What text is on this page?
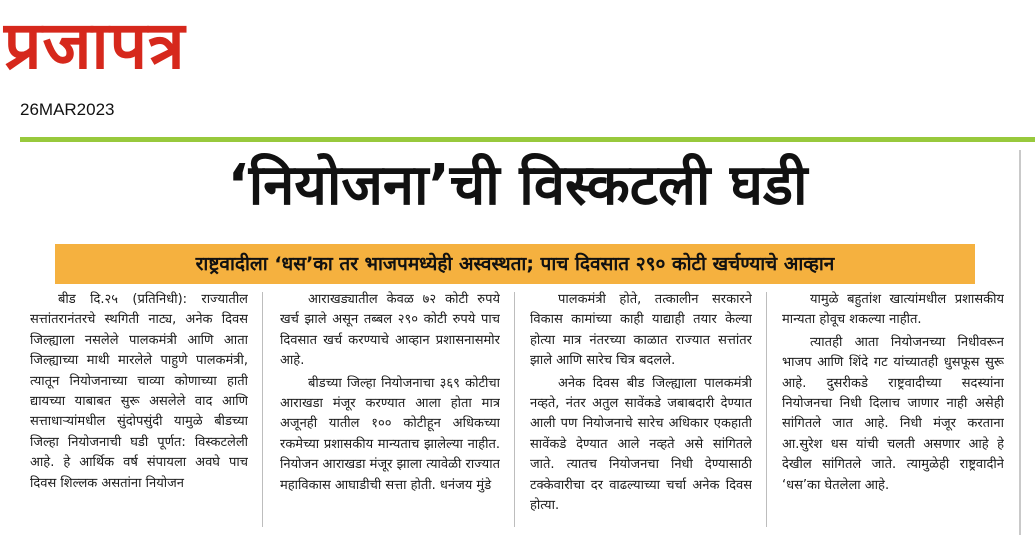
प्रजापत्र
26MAR2023
‘नियोजना’ची विस्कटली घडी
राष्ट्रवादीला ‘धस’का तर भाजपमध्येही अस्वस्थता; पाच दिवसात २९० कोटी खर्चण्याचे आव्हान

बीड दि.२५ (प्रतिनिधी): राज्यातील सत्तांतरानंतरचे स्थगिती नाट्य, अनेक दिवस जिल्ह्याला नसलेले पालकमंत्री आणि आता जिल्ह्याच्या माथी मारलेले पाहुणे पालकमंत्री, त्यातून नियोजनाच्या चाव्या कोणाच्या हाती द्यायच्या याबाबत सुरू असलेले वाद आणि सत्ताधाऱ्यांमधील सुंदोपसुंदी यामुळे बीडच्या जिल्हा नियोजनाची घडी पूर्णत: विस्कटलेली आहे. हे आर्थिक वर्ष संपायला अवघे पाच दिवस शिल्लक असतांना नियोजन

आराखड्यातील केवळ ७२ कोटी रुपये खर्च झाले असून तब्बल २९० कोटी रुपये पाच दिवसात खर्च करण्याचे आव्हान प्रशासनासमोर आहे.

बीडच्या जिल्हा नियोजनाचा ३६९ कोटीचा आराखडा मंजूर करण्यात आला होता मात्र अजूनही यातील १०० कोटीहून अधिकच्या रकमेच्या प्रशासकीय मान्यताच झालेल्या नाहीत. नियोजन आराखडा मंजूर झाला त्यावेळी राज्यात महाविकास आघाडीची सत्ता होती. धनंजय मुंडे

पालकमंत्री होते, तत्कालीन सरकारने विकास कामांच्या काही याद्याही तयार केल्या होत्या मात्र नंतरच्या काळात राज्यात सत्तांतर झाले आणि सारेच चित्र बदलले.

अनेक दिवस बीड जिल्ह्याला पालकमंत्री नव्हते, नंतर अतुल सावेंकडे जबाबदारी देण्यात आली पण नियोजनाचे सारेच अधिकार एकहाती सावेंकडे देण्यात आले नव्हते असे सांगितले जाते. त्यातच नियोजनचा निधी देण्यासाठी टक्केवारीचा दर वाढल्याच्या चर्चा अनेक दिवस होत्या.

यामुळे बहुतांश खात्यांमधील प्रशासकीय मान्यता होवूच शकल्या नाहीत.

त्यातही आता नियोजनच्या निधीवरून भाजप आणि शिंदे गट यांच्यातही धुसफूस सुरू आहे. दुसरीकडे राष्ट्रवादीच्या सदस्यांना नियोजनचा निधी दिलाच जाणार नाही असेही सांगितले जात आहे. निधी मंजूर करताना आ.सुरेश धस यांची चलती असणार आहे हे देखील सांगितले जाते. त्यामुळेही राष्ट्रवादीने ‘धस’का घेतलेला आहे.
